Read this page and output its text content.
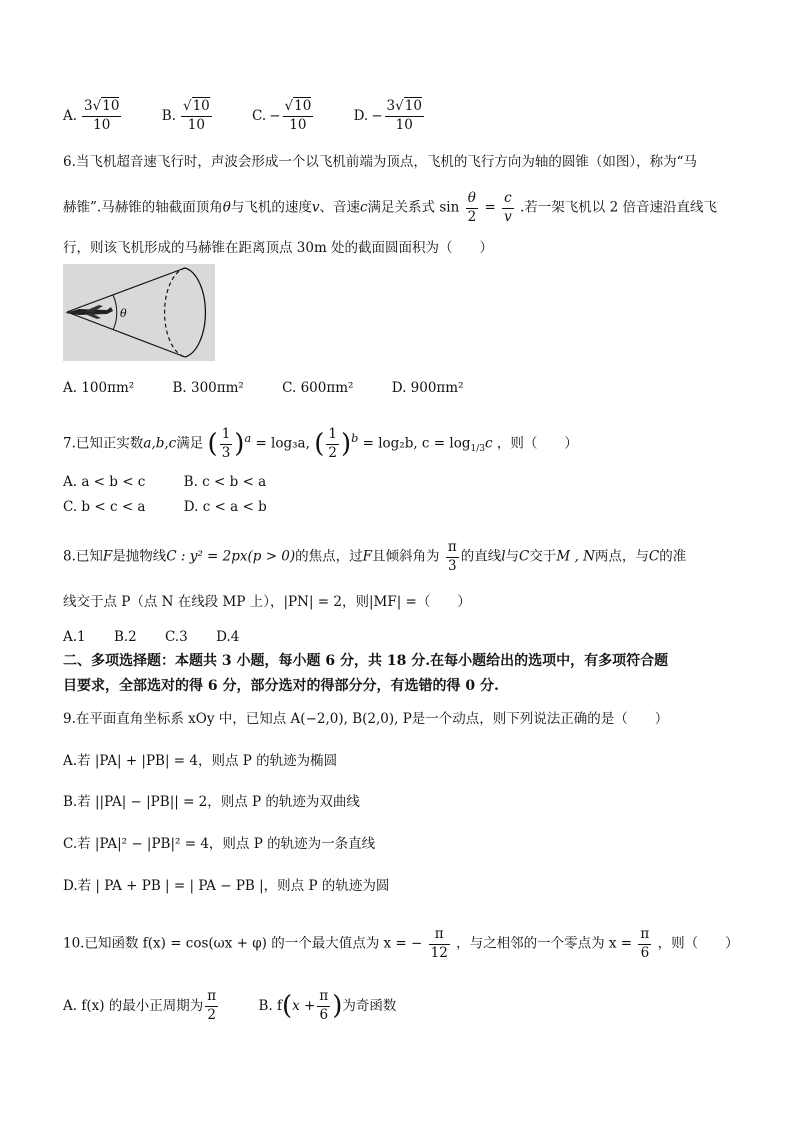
A. $\frac{3√10}{10}$
	B. $\frac{√10}{10}$
	C. − $\frac{√10}{10}$
	D. − $\frac{3√10}{10}$
6.当飞机超音速飞行时，声波会形成一个以飞机前端为顶点，飞机的飞行方向为轴的圆锥（如图），称为“马
赫锥”.马赫锥的轴截面顶角θ与飞机的速度v、音速c满足关系式 $\sin \frac{\theta}{2} = \frac{c}{v}$ .若一架飞机以 2 倍音速沿直线飞
行，则该飞机形成的马赫锥在距离顶点 30m 处的截面圆面积为（　　）
θ
A. 100πm²	B. 300πm²	C. 600πm²	D. 900πm²
7.已知正实数a,b,c满足 ( $\frac{1}{3} )^a = \log_3a$, ( $\frac{1}{2} )^b = \log_2b$, $c = \log_{1/3}c$ ，则（　　）
A. a < b < c	B. c < b < a
C. b < c < a	D. c < a < b
8.已知F是抛物线C : y² = 2px(p > 0)的焦点，过F且倾斜角为 $\frac{\pi}{3}$ 的直线l与C交于M , N两点，与C的准
线交于点 P（点 N 在线段 MP 上），|PN| = 2，则|MF| =（　　）
A.1 B.2 C.3 D.4
二、多项选择题：本题共 3 小题，每小题 6 分，共 18 分.在每小题给出的选项中，有多项符合题
目要求，全部选对的得 6 分，部分选对的得部分分，有选错的得 0 分.
9.在平面直角坐标系 xOy 中，已知点 A(−2,0), B(2,0), P是一个动点，则下列说法正确的是（　　）
A.若 |PA| + |PB| = 4，则点 P 的轨迹为椭圆
B.若 ||PA| − |PB|| = 2，则点 P 的轨迹为双曲线
C.若 |PA|² − |PB|² = 4，则点 P 的轨迹为一条直线
D.若 | PA + PB | = | PA − PB |，则点 P 的轨迹为圆
10.已知函数 f(x) = cos(ωx + φ) 的一个最大值点为 x = − $\frac{\pi}{12}$ ，与之相邻的一个零点为 $x = \frac{\pi}{6}$ ，则（　　）
A. f(x) 的最小正周期为 $\frac{\pi}{2}$
	B. f ( $x + \frac{\pi}{6}$ ) 为奇函数
